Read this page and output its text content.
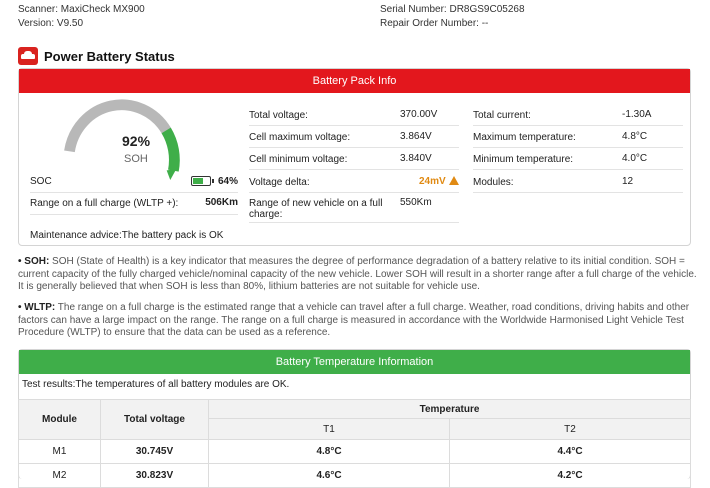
Scanner: MaxiCheck MX900
Version: V9.50
Serial Number: DR8GS9C05268
Repair Order Number: --
Power Battery Status
Battery Pack Info
92%
SOH
SOC	64%
Range on a full charge (WLTP +):	506Km
Maintenance advice:The battery pack is OK
Total voltage:	370.00V
Cell maximum voltage:	3.864V
Cell minimum voltage:	3.840V
Voltage delta:	24mV
Range of new vehicle on a full charge:
550Km
Total current:	-1.30A
Maximum temperature:	4.8°C
Minimum temperature:	4.0°C
Modules:	12
• SOH: SOH (State of Health) is a key indicator that measures the degree of performance degradation of a battery relative to its initial condition. SOH = current capacity of the fully charged vehicle/nominal capacity of the new vehicle. Lower SOH will result in a shorter range after a full charge of the vehicle. It is generally believed that when SOH is less than 80%, lithium batteries are not suitable for vehicle use.
• WLTP: The range on a full charge is the estimated range that a vehicle can travel after a full charge. Weather, road conditions, driving habits and other factors can have a large impact on the range. The range on a full charge is measured in accordance with the Worldwide Harmonised Light Vehicle Test Procedure (WLTP) to ensure that the data can be used as a reference.
Battery Temperature Information
Test results:The temperatures of all battery modules are OK.
Module	Total voltage	Temperature	
		T1	T2
M1	30.745V	4.8°C	4.4°C
M2	30.823V	4.6°C	4.2°C
